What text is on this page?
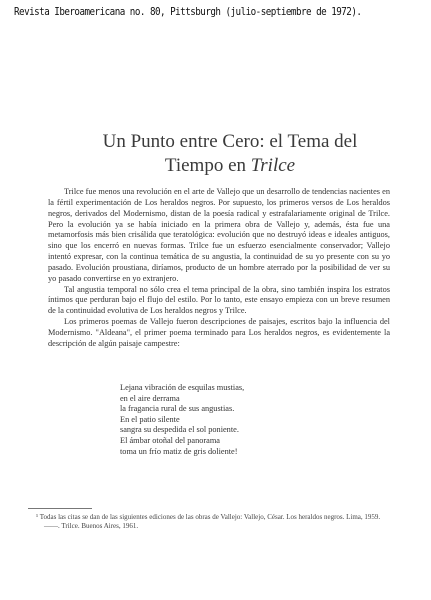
Revista Iberoamericana no. 80, Pittsburgh (julio-septiembre de 1972).
Un Punto entre Cero: el Tema del
Tiempo en Trilce

Trilce fue menos una revolución en el arte de Vallejo que un desarrollo de tendencias nacientes en la fértil experimentación de Los heraldos negros. Por supuesto, los primeros versos de Los heraldos negros, derivados del Modernismo, distan de la poesía radical y estrafalariamente original de Trilce. Pero la evolución ya se había iniciado en la primera obra de Vallejo y, además, ésta fue una metamorfosis más bien crisálida que teratológica: evolución que no destruyó ideas e ideales antiguos, sino que los encerró en nuevas formas. Trilce fue un esfuerzo esencialmente conservador; Vallejo intentó expresar, con la continua temática de su angustia, la continuidad de su yo presente con su yo pasado. Evolución proustiana, diríamos, producto de un hombre aterrado por la posibilidad de ver su yo pasado convertirse en yo extranjero.

Tal angustia temporal no sólo crea el tema principal de la obra, sino también inspira los estratos íntimos que perduran bajo el flujo del estilo. Por lo tanto, este ensayo empieza con un breve resumen de la continuidad evolutiva de Los heraldos negros y Trilce.

Los primeros poemas de Vallejo fueron descripciones de paisajes, escritos bajo la influencia del Modernismo. "Aldeana", el primer poema terminado para Los heraldos negros, es evidentemente la descripción de algún paisaje campestre:

Lejana vibración de esquilas mustias,
en el aire derrama
la fragancia rural de sus angustias.
En el patio silente
sangra su despedida el sol poniente.
El ámbar otoñal del panorama
toma un frío matiz de gris doliente!

¹ Todas las citas se dan de las siguientes ediciones de las obras de Vallejo: Vallejo, César. Los heraldos negros. Lima, 1959.

——. Trilce. Buenos Aires, 1961.
